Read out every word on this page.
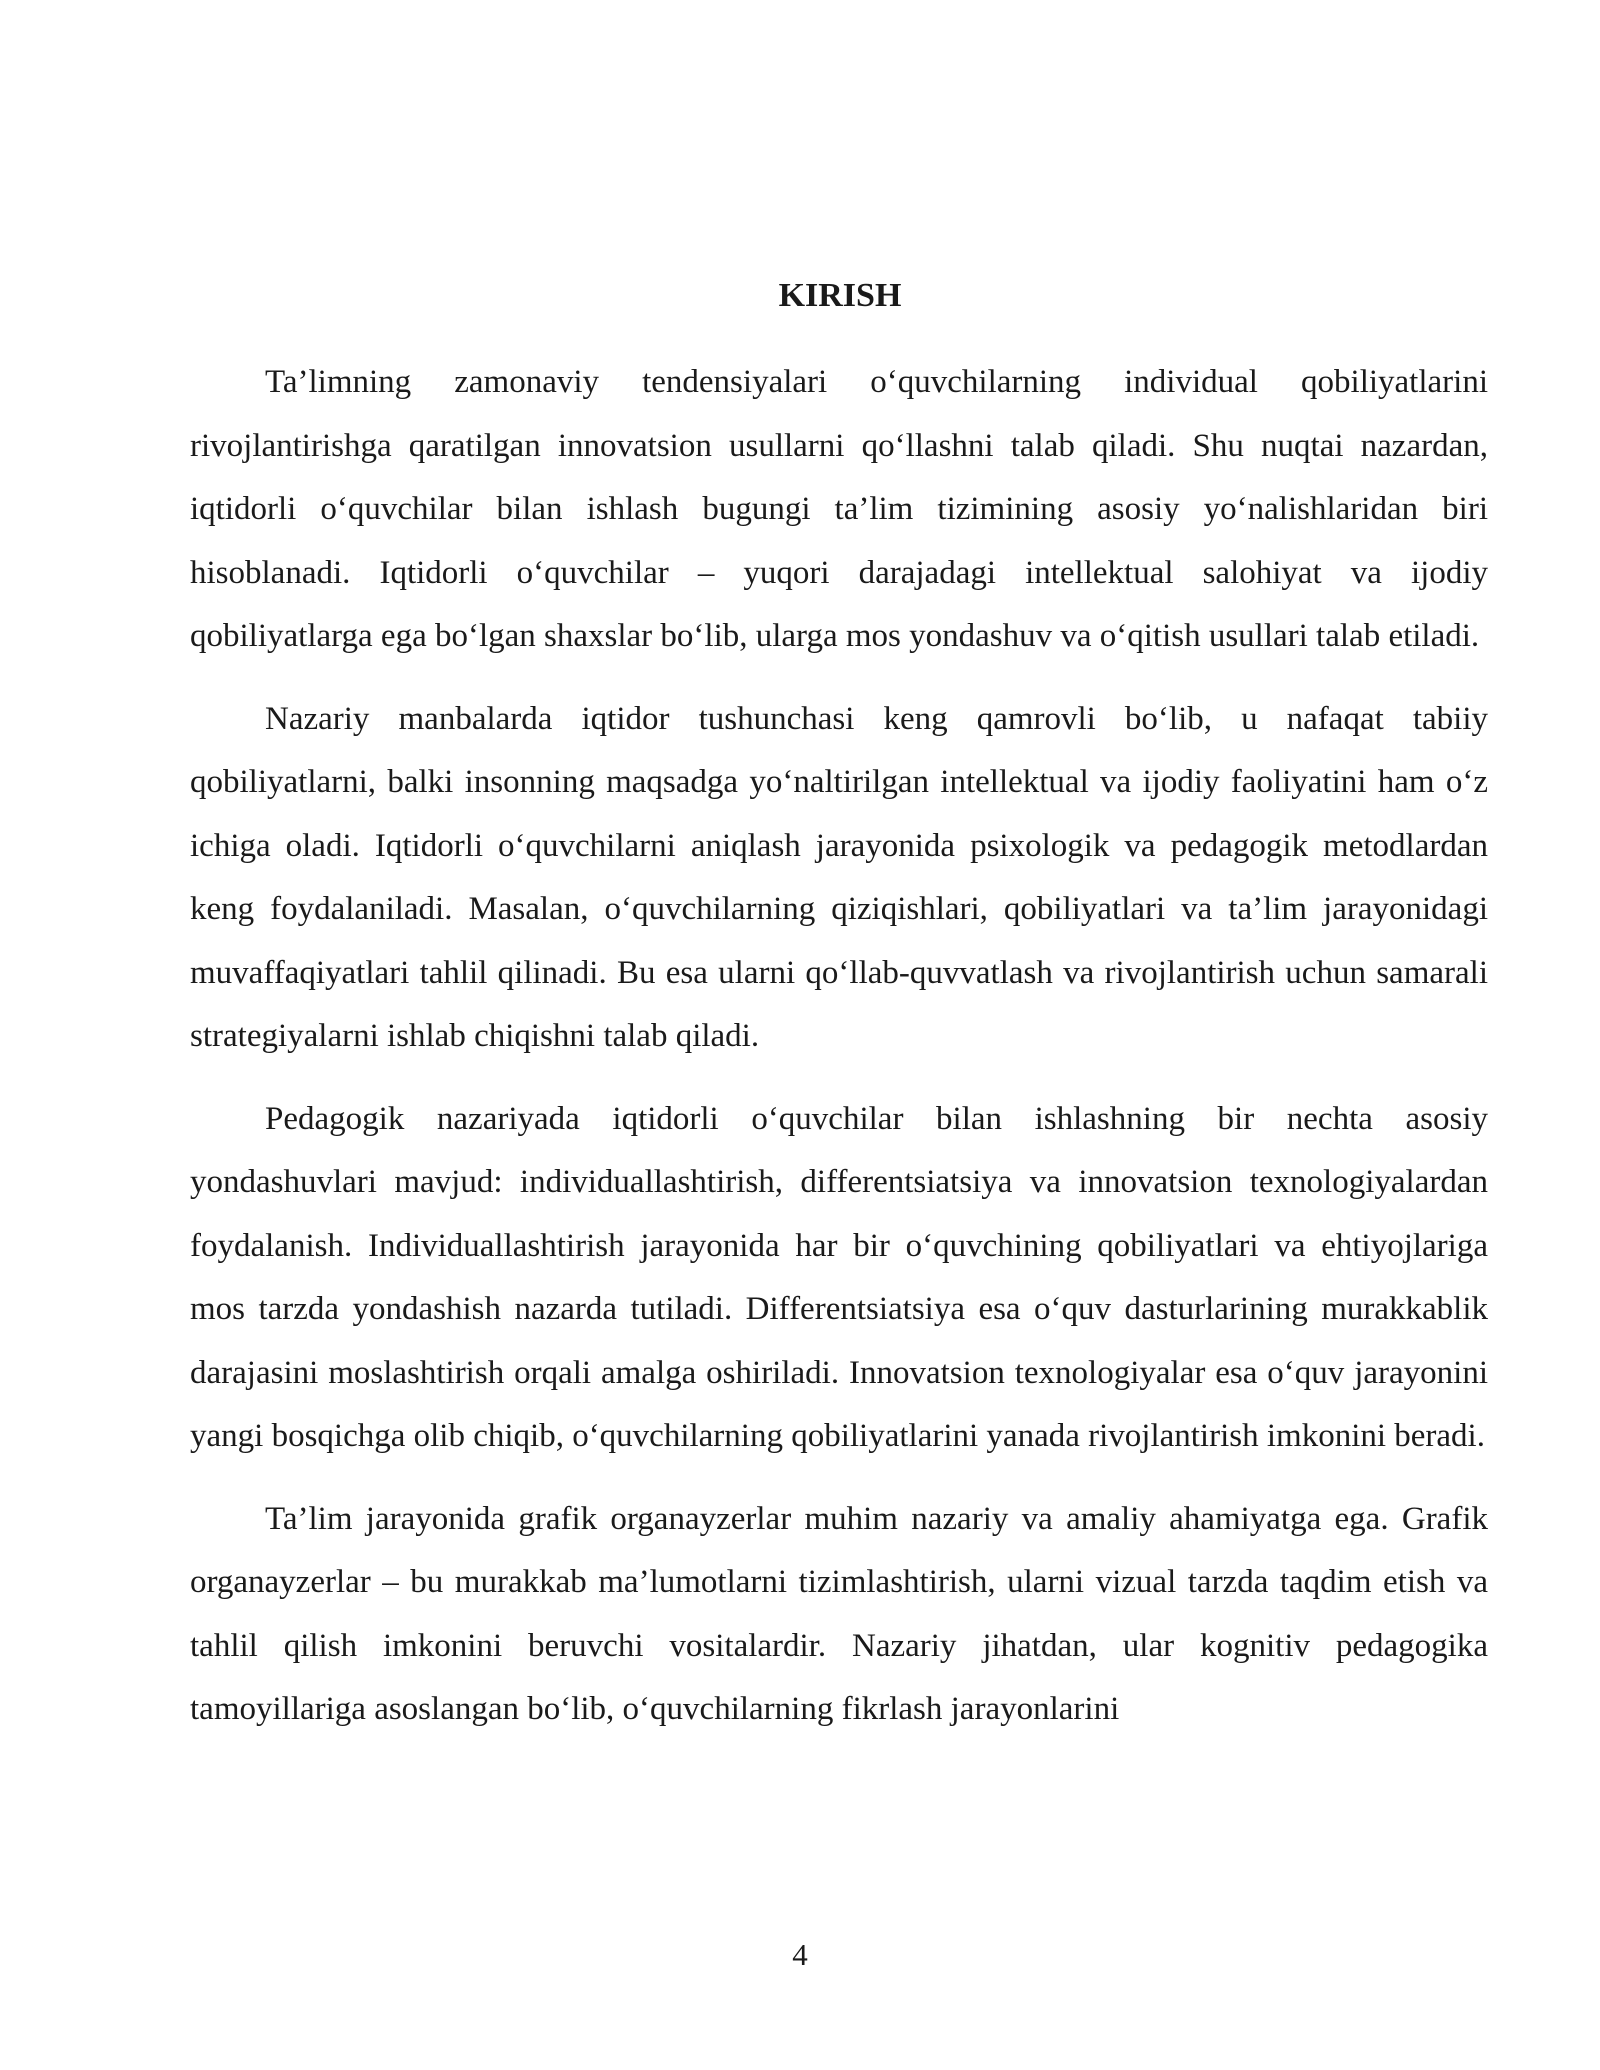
KIRISH

Ta’limning zamonaviy tendensiyalari o‘quvchilarning individual qobiliyatlarini rivojlantirishga qaratilgan innovatsion usullarni qo‘llashni talab qiladi. Shu nuqtai nazardan, iqtidorli o‘quvchilar bilan ishlash bugungi ta’lim tizimining asosiy yo‘nalishlaridan biri hisoblanadi. Iqtidorli o‘quvchilar – yuqori darajadagi intellektual salohiyat va ijodiy qobiliyatlarga ega bo‘lgan shaxslar bo‘lib, ularga mos yondashuv va o‘qitish usullari talab etiladi.

Nazariy manbalarda iqtidor tushunchasi keng qamrovli bo‘lib, u nafaqat tabiiy qobiliyatlarni, balki insonning maqsadga yo‘naltirilgan intellektual va ijodiy faoliyatini ham o‘z ichiga oladi. Iqtidorli o‘quvchilarni aniqlash jarayonida psixologik va pedagogik metodlardan keng foydalaniladi. Masalan, o‘quvchilarning qiziqishlari, qobiliyatlari va ta’lim jarayonidagi muvaffaqiyatlari tahlil qilinadi. Bu esa ularni qo‘llab-quvvatlash va rivojlantirish uchun samarali strategiyalarni ishlab chiqishni talab qiladi.

Pedagogik nazariyada iqtidorli o‘quvchilar bilan ishlashning bir nechta asosiy yondashuvlari mavjud: individuallashtirish, differentsiatsiya va innovatsion texnologiyalardan foydalanish. Individuallashtirish jarayonida har bir o‘quvchining qobiliyatlari va ehtiyojlariga mos tarzda yondashish nazarda tutiladi. Differentsiatsiya esa o‘quv dasturlarining murakkablik darajasini moslashtirish orqali amalga oshiriladi. Innovatsion texnologiyalar esa o‘quv jarayonini yangi bosqichga olib chiqib, o‘quvchilarning qobiliyatlarini yanada rivojlantirish imkonini beradi.

Ta’lim jarayonida grafik organayzerlar muhim nazariy va amaliy ahamiyatga ega. Grafik organayzerlar – bu murakkab ma’lumotlarni tizimlashtirish, ularni vizual tarzda taqdim etish va tahlil qilish imkonini beruvchi vositalardir. Nazariy jihatdan, ular kognitiv pedagogika tamoyillariga asoslangan bo‘lib, o‘quvchilarning fikrlash jarayonlarini

4
